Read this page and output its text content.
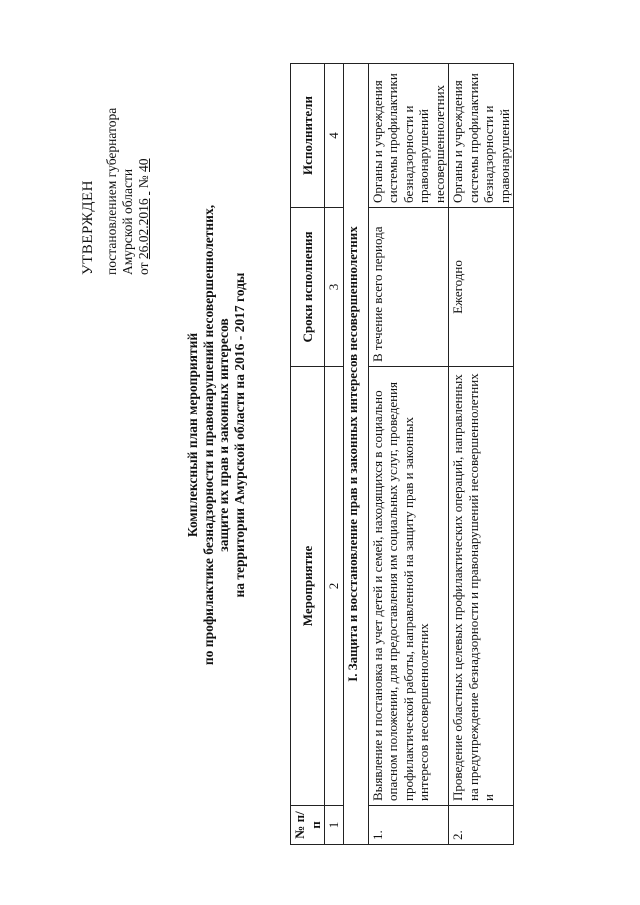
УТВЕРЖДЕН постановлением губернатора Амурской области от 26.02.2016   № 40
Комплексный план мероприятий по профилактике безнадзорности и правонарушений несовершеннолетних, защите их прав и законных интересов на территории Амурской области на 2016 - 2017 годы
№ п/п	Мероприятие	Сроки исполнения	Исполнители
1	2	3	4
I. Защита и восстановление прав и законных интересов несовершеннолетних			
1.	Выявление и постановка на учет детей и семей, находящихся в социально опасном положении, для предоставления им социальных услуг, проведения профилактической работы, направленной на защиту прав и законных интересов несовершеннолетних	В течение всего периода	Органы и учреждения системы профилактики безнадзорности и правонарушений несовершеннолетних
2.	Проведение областных целевых профилактических операций, направленных на предупреждение безнадзорности и правонарушений несовершеннолетних и	Ежегодно	Органы и учреждения системы профилактики безнадзорности и правонарушений
